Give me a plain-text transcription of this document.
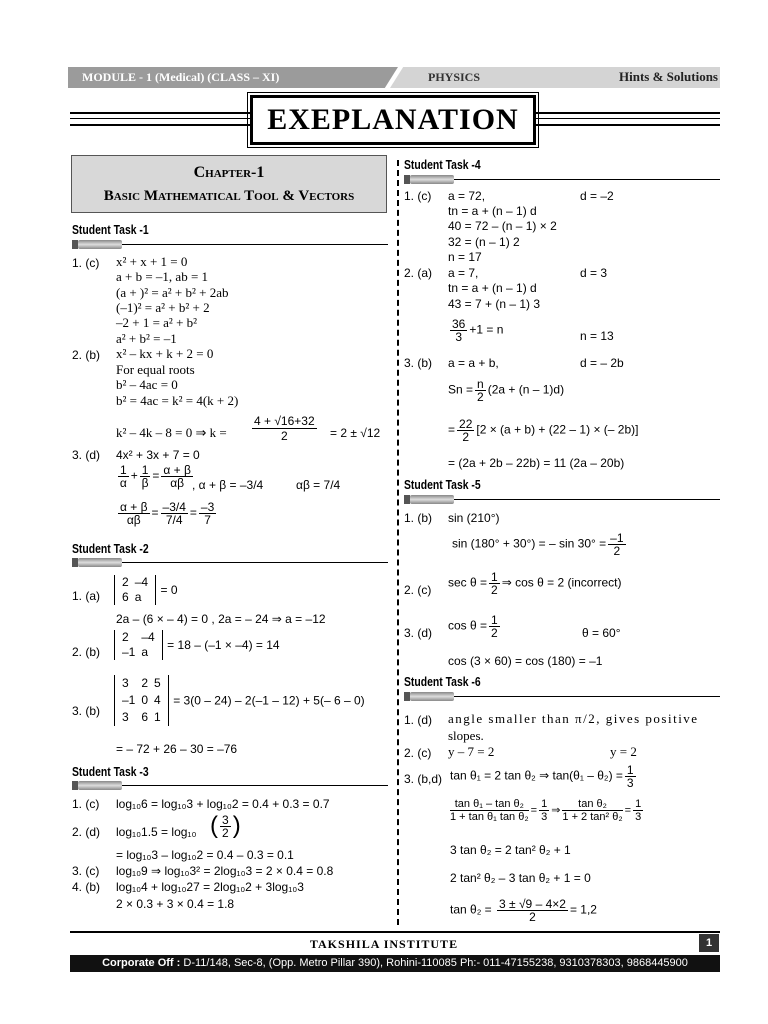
MODULE - 1 (Medical) (CLASS – XI)	PHYSICS	Hints & Solutions
EXEPLANATION
Chapter-1
Basic Mathematical Tool & Vectors
Student Task -1
1. (c) x² + x + 1 = 0
a + b = –1, ab = 1
(a + )² = a² + b² + 2ab
(–1)² = a² + b² + 2
–2 + 1 = a² + b²
a² + b² = –1
2. (b) x² – kx + k + 2 = 0
For equal roots
b² – 4ac = 0
b² = 4ac = k² = 4(k + 2)
k² – 4k – 8 = 0 ⇒ $k = \frac{4 + √16+32}{2} = 2 \pm √12$
3. (d) 4x² + 3x + 7 = 0
$\frac{1}{\alpha} + \frac{1}{\beta} = \frac{\alpha + \beta}{\alpha\beta}$ , α + β = –3/4	αβ = 7/4
$\frac{\alpha + \beta}{\alpha\beta} = \frac{-3/4}{7/4} = \frac{-3}{7}$
Student Task -2
1. (a)
2	–4
6	a = 0
2a – (6 × – 4) = 0 , 2a = – 24 ⇒ a = –12
2. (b)
2	–4
–1	a = 18 – (–1 × –4) = 14
3. (b)
3	2	5
–1	0	4
3	6	1
= 3(0 – 24) – 2(–1 – 12) + 5(– 6 – 0)
= – 72 + 26 – 30 = –76
Student Task -3
1. (c) log₁₀6 = log₁₀3 + log₁₀2 = 0.4 + 0.3 = 0.7
2. (d) log₁₀1.5 = log₁₀ ( $\frac{3}{2}$ )
= log₁₀3 – log₁₀2 = 0.4 – 0.3 = 0.1
3. (c) log₁₀9 ⇒ log₁₀3² = 2log₁₀3 = 2 × 0.4 = 0.8
4. (b) log₁₀4 + log₁₀27 = 2log₁₀2 + 3log₁₀3
2 × 0.3 + 3 × 0.4 = 1.8
Student Task -4
1. (c) a = 72,	d = –2
tn = a + (n – 1) d
40 = 72 – (n – 1) × 2
32 = (n – 1) 2
n = 17
2. (a) a = 7,	d = 3
tn = a + (n – 1) d
43 = 7 + (n – 1) 3
$\frac{36}{3} +1 = n$	n = 13
3. (b) a = a + b,	d = – 2b
$Sn = \frac{n}{2} (2a + (n - 1)d)$
= $\frac{22}{2} [2 \times (a + b) + (22 - 1)$ × (– 2b)]
= (2a + 2b – 22b) = 11 (2a – 20b)
Student Task -5
1. (b) sin (210°)
sin (180° + 30°) = – $\sin 30^\circ = \frac{-1}{2}$
2. (c)
$\sec \theta = \frac{1}{2}$ ⇒ cos θ = 2 (incorrect)
3. (d)
$\cos \theta = \frac{1}{2}$	θ = 60°
cos (3 × 60) = cos (180) = –1
Student Task -6
1. (d) angle smaller than π/2, gives positive
slopes.
2. (c) y – 7 = 2	y = 2
3. (b,d) tan θ₁ = 2 tan θ₂ ⇒ $\tan(\theta_1 - \theta_2) = \frac{1}{3}$
$\frac{\text{tan θ₁ – tan θ₂}}{\text{1 + tan θ₁ tan θ₂}} = \frac{1}{3}$ ⇒ $\frac{\text{tan θ₂}}{\text{1 + 2 tan² θ₂}} = \frac{1}{3}$
3 tan θ₂ = 2 tan² θ₂ + 1
2 tan² θ₂ – 3 tan θ₂ + 1 = 0
$\tan \theta_2 = \frac{3 \pm √9 - 4\times 2}{2} = 1,2$
TAKSHILA INSTITUTE	1
Corporate Off : D-11/148, Sec-8, (Opp. Metro Pillar 390), Rohini-110085 Ph:- 011-47155238, 9310378303, 9868445900
